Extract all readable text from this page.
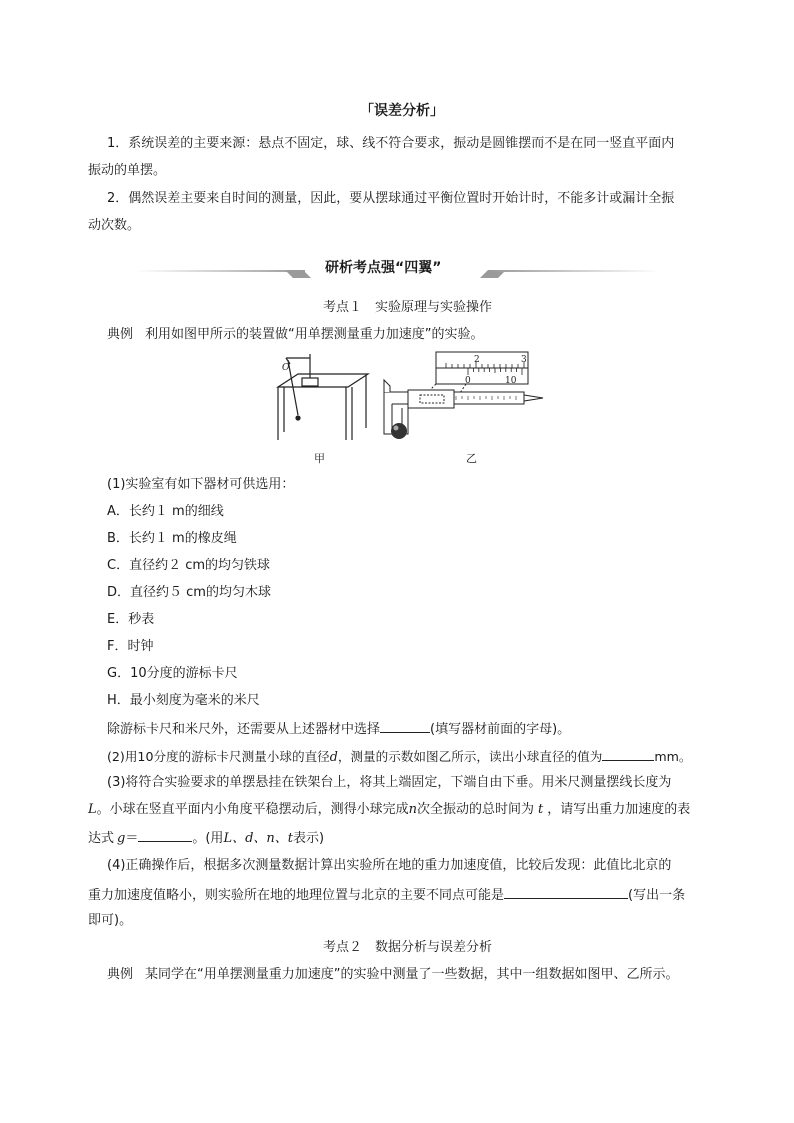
「误差分析」
1．系统误差的主要来源：悬点不固定，球、线不符合要求，振动是圆锥摆而不是在同一竖直平面内
振动的单摆。
2．偶然误差主要来自时间的测量，因此，要从摆球通过平衡位置时开始计时，不能多计或漏计全振
动次数。
研析考点强“四翼”
考点１　实验原理与实验操作
典例 利用如图甲所示的装置做“用单摆测量重力加速度”的实验。
O
2	3
0	10
甲	乙
(1)实验室有如下器材可供选用：
A．长约１ m的细线
B．长约１ m的橡皮绳
C．直径约２ cm的均匀铁球
D．直径约５ cm的均匀木球
E．秒表
F．时钟
G．10分度的游标卡尺
H．最小刻度为毫米的米尺
除游标卡尺和米尺外，还需要从上述器材中选择	(填写器材前面的字母)。
(2)用10分度的游标卡尺测量小球的直径d，测量的示数如图乙所示，读出小球直径的值为	mm。
(3)将符合实验要求的单摆悬挂在铁架台上，将其上端固定，下端自由下垂。用米尺测量摆线长度为
L。小球在竖直平面内小角度平稳摆动后，测得小球完成n次全振动的总时间为 t ，请写出重力加速度的表
达式 g＝	。(用L、d、n、t表示)
(4)正确操作后，根据多次测量数据计算出实验所在地的重力加速度值，比较后发现：此值比北京的
重力加速度值略小，则实验所在地的地理位置与北京的主要不同点可能是	(写出一条
即可)。
考点２　数据分析与误差分析
典例 某同学在“用单摆测量重力加速度”的实验中测量了一些数据，其中一组数据如图甲、乙所示。
